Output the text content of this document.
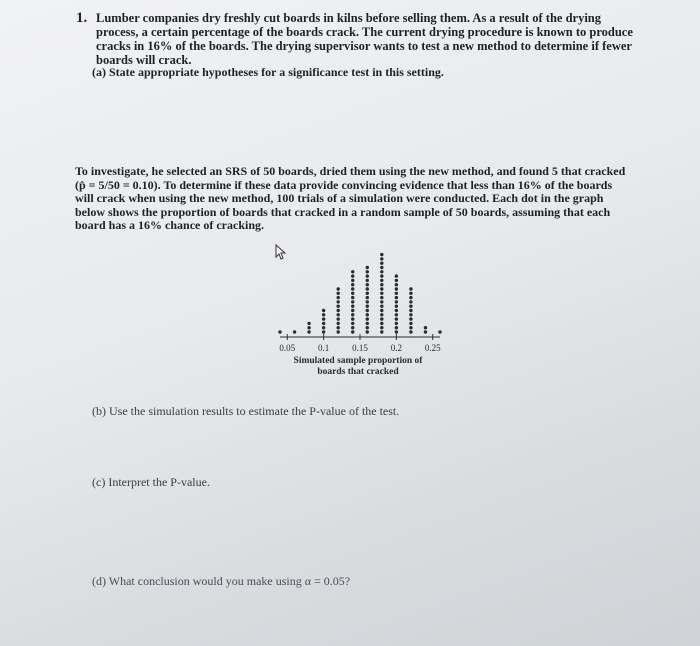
1. Lumber companies dry freshly cut boards in kilns before selling them. As a result of the drying process, a certain percentage of the boards crack. The current drying procedure is known to produce cracks in 16% of the boards. The drying supervisor wants to test a new method to determine if fewer boards will crack.
(a) State appropriate hypotheses for a significance test in this setting.
To investigate, he selected an SRS of 50 boards, dried them using the new method, and found 5 that cracked (p̂ = 5/50 = 0.10). To determine if these data provide convincing evidence that less than 16% of the boards will crack when using the new method, 100 trials of a simulation were conducted. Each dot in the graph below shows the proportion of boards that cracked in a random sample of 50 boards, assuming that each board has a 16% chance of cracking.
0.05	0.1	0.15	0.2	0.25
Simulated sample proportion of
boards that cracked
(b) Use the simulation results to estimate the P-value of the test.
(c) Interpret the P-value.
(d) What conclusion would you make using α = 0.05?
